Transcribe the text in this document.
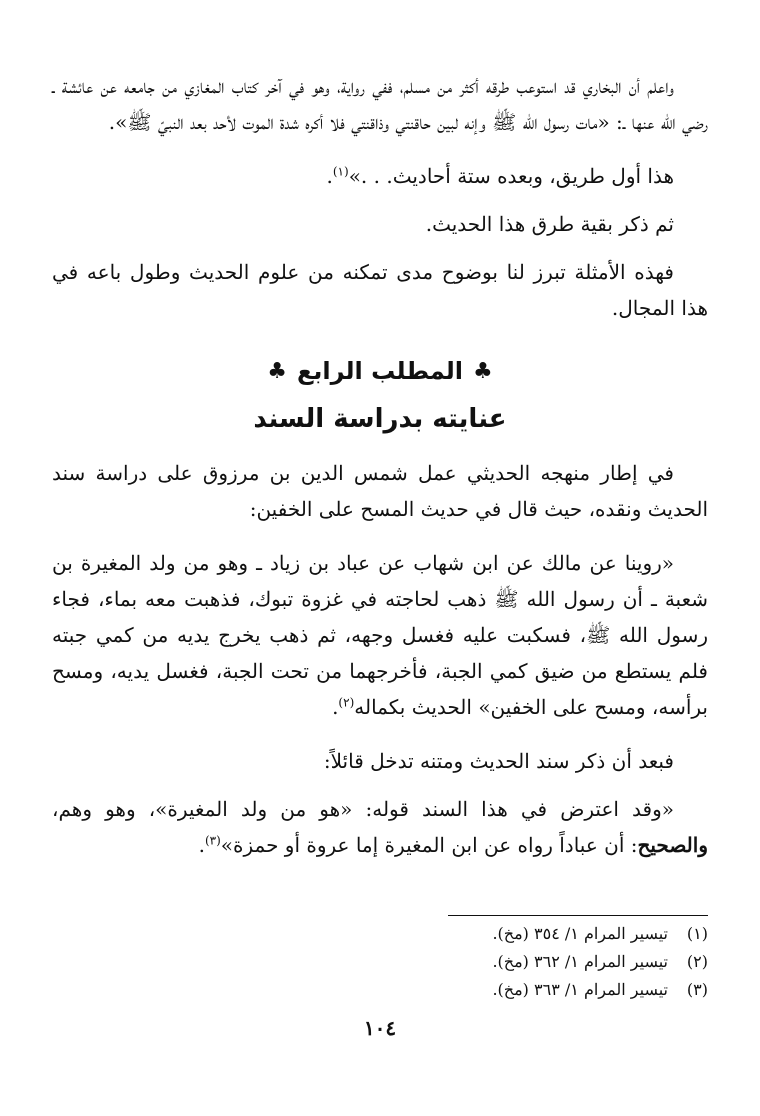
واعلم أن البخاري قد استوعب طرقه أكثر من مسلم، ففي رواية، وهو في آخر كتاب المغازي من جامعه عن عائشة ـ رضي الله عنها ـ: «مات رسول الله ﷺ وإنه لبين حاقنتي وذاقنتي فلا أكره شدة الموت لأحد بعد النبيّ ﷺ».

هذا أول طريق، وبعده ستة أحاديث. . .»$^{(١)}$.

ثم ذكر بقية طرق هذا الحديث.

فهذه الأمثلة تبرز لنا بوضوح مدى تمكنه من علوم الحديث وطول باعه في هذا المجال.

♣المطلب الرابع♣
عنايته بدراسة السند

في إطار منهجه الحديثي عمل شمس الدين بن مرزوق على دراسة سند الحديث ونقده، حيث قال في حديث المسح على الخفين:

«روينا عن مالك عن ابن شهاب عن عباد بن زياد ـ وهو من ولد المغيرة بن شعبة ـ أن رسول الله ﷺ ذهب لحاجته في غزوة تبوك، فذهبت معه بماء، فجاء رسول الله ﷺ، فسكبت عليه فغسل وجهه، ثم ذهب يخرج يديه من كمي جبته فلم يستطع من ضيق كمي الجبة، فأخرجهما من تحت الجبة، فغسل يديه، ومسح برأسه، ومسح على الخفين» الحديث بكماله$^{(٢)}$.

فبعد أن ذكر سند الحديث ومتنه تدخل قائلاً:

«وقد اعترض في هذا السند قوله: «هو من ولد المغيرة»، وهو وهم، والصحيح: أن عباداً رواه عن ابن المغيرة إما عروة أو حمزة»$^{(٣)}$.

(١)
تيسير المرام ١/ ٣٥٤ (مخ).
(٢)
تيسير المرام ١/ ٣٦٢ (مخ).
(٣)
تيسير المرام ١/ ٣٦٣ (مخ).
١٠٤
